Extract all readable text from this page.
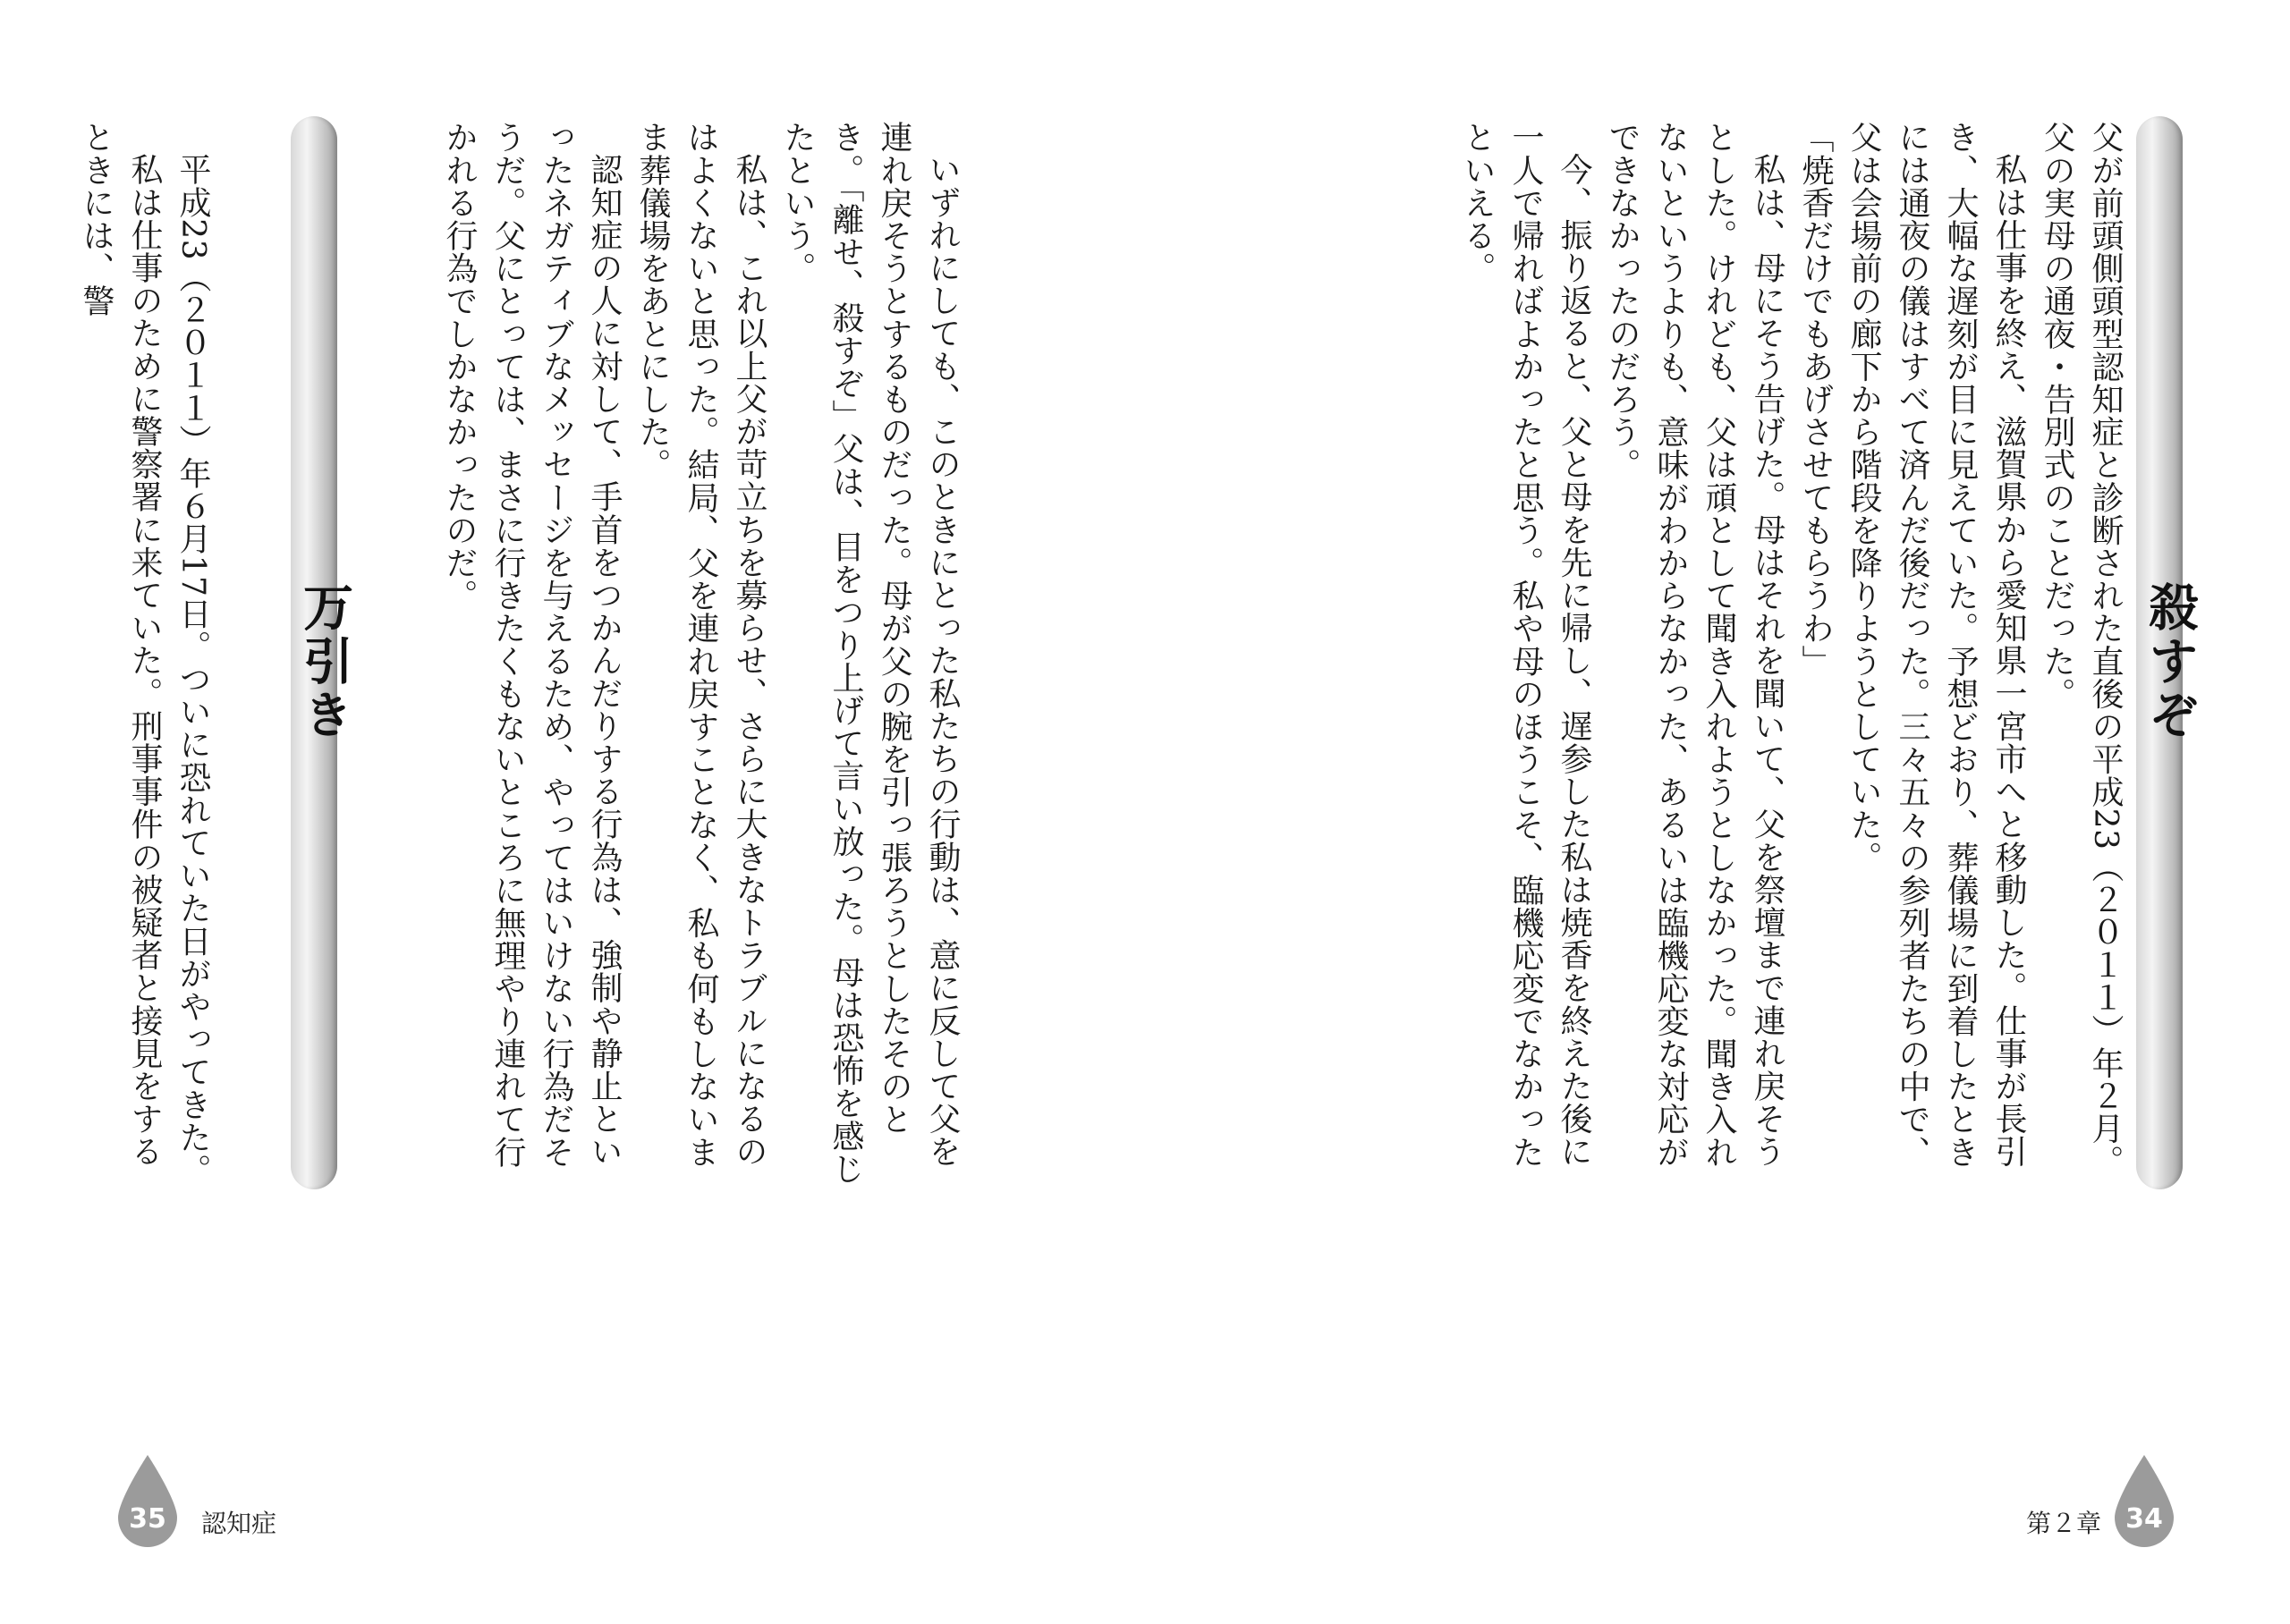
殺すぞ

父が前頭側頭型認知症と診断された直後の平成23（２０１１）年２月。父の実母の通夜・告別式のことだった。

私は仕事を終え、滋賀県から愛知県一宮市へと移動した。仕事が長引き、大幅な遅刻が目に見えていた。予想どおり、葬儀場に到着したときには通夜の儀はすべて済んだ後だった。三々五々の参列者たちの中で、父は会場前の廊下から階段を降りようとしていた。

「焼香だけでもあげさせてもらうわ」

私は、母にそう告げた。母はそれを聞いて、父を祭壇まで連れ戻そうとした。けれども、父は頑として聞き入れようとしなかった。聞き入れないというよりも、意味がわからなかった、あるいは臨機応変な対応ができなかったのだろう。

今、振り返ると、父と母を先に帰し、遅参した私は焼香を終えた後に一人で帰ればよかったと思う。私や母のほうこそ、臨機応変でなかったといえる。

第２章 34

いずれにしても、このときにとった私たちの行動は、意に反して父を連れ戻そうとするものだった。母が父の腕を引っ張ろうとしたそのとき。「離せ、殺すぞ」父は、目をつり上げて言い放った。母は恐怖を感じたという。

私は、これ以上父が苛立ちを募らせ、さらに大きなトラブルになるのはよくないと思った。結局、父を連れ戻すことなく、私も何もしないまま葬儀場をあとにした。

認知症の人に対して、手首をつかんだりする行為は、強制や静止といったネガティブなメッセージを与えるため、やってはいけない行為だそうだ。父にとっては、まさに行きたくもないところに無理やり連れて行かれる行為でしかなかったのだ。

万引き

平成23（２０１１）年６月17日。ついに恐れていた日がやってきた。

私は仕事のために警察署に来ていた。刑事事件の被疑者と接見をするときには、警

35	認知症
